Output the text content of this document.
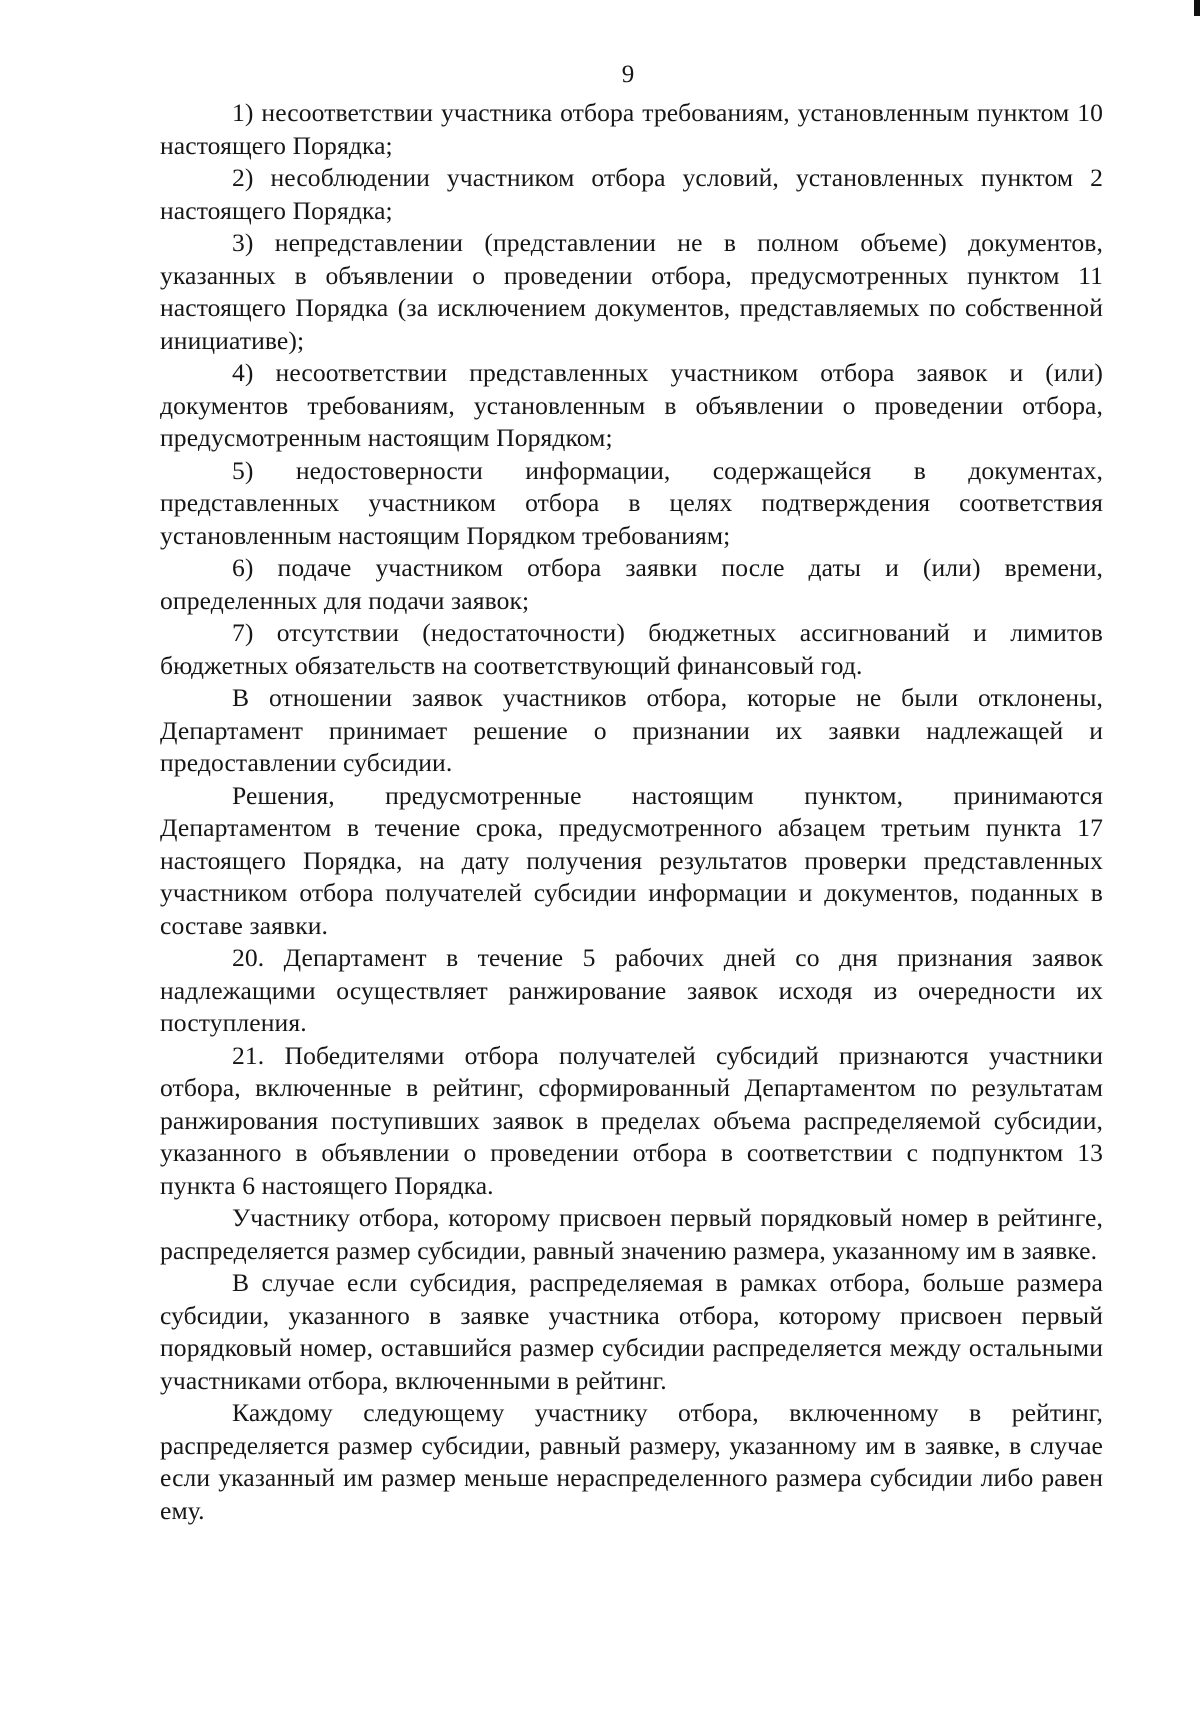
9

1) несоответствии участника отбора требованиям, установленным пунктом 10 настоящего Порядка;

2) несоблюдении участником отбора условий, установленных пунктом 2 настоящего Порядка;

3) непредставлении (представлении не в полном объеме) документов, указанных в объявлении о проведении отбора, предусмотренных пунктом 11 настоящего Порядка (за исключением документов, представляемых по собственной инициативе);

4) несоответствии представленных участником отбора заявок и (или) документов требованиям, установленным в объявлении о проведении отбора, предусмотренным настоящим Порядком;

5) недостоверности информации, содержащейся в документах, представленных участником отбора в целях подтверждения соответствия установленным настоящим Порядком требованиям;

6) подаче участником отбора заявки после даты и (или) времени, определенных для подачи заявок;

7) отсутствии (недостаточности) бюджетных ассигнований и лимитов бюджетных обязательств на соответствующий финансовый год.

В отношении заявок участников отбора, которые не были отклонены, Департамент принимает решение о признании их заявки надлежащей и предоставлении субсидии.

Решения, предусмотренные настоящим пунктом, принимаются Департаментом в течение срока, предусмотренного абзацем третьим пункта 17 настоящего Порядка, на дату получения результатов проверки представленных участником отбора получателей субсидии информации и документов, поданных в составе заявки.

20. Департамент в течение 5 рабочих дней со дня признания заявок надлежащими осуществляет ранжирование заявок исходя из очередности их поступления.

21. Победителями отбора получателей субсидий признаются участники отбора, включенные в рейтинг, сформированный Департаментом по результатам ранжирования поступивших заявок в пределах объема распределяемой субсидии, указанного в объявлении о проведении отбора в соответствии с подпунктом 13 пункта 6 настоящего Порядка.

Участнику отбора, которому присвоен первый порядковый номер в рейтинге, распределяется размер субсидии, равный значению размера, указанному им в заявке.

В случае если субсидия, распределяемая в рамках отбора, больше размера субсидии, указанного в заявке участника отбора, которому присвоен первый порядковый номер, оставшийся размер субсидии распределяется между остальными участниками отбора, включенными в рейтинг.

Каждому следующему участнику отбора, включенному в рейтинг, распределяется размер субсидии, равный размеру, указанному им в заявке, в случае если указанный им размер меньше нераспределенного размера субсидии либо равен ему.
